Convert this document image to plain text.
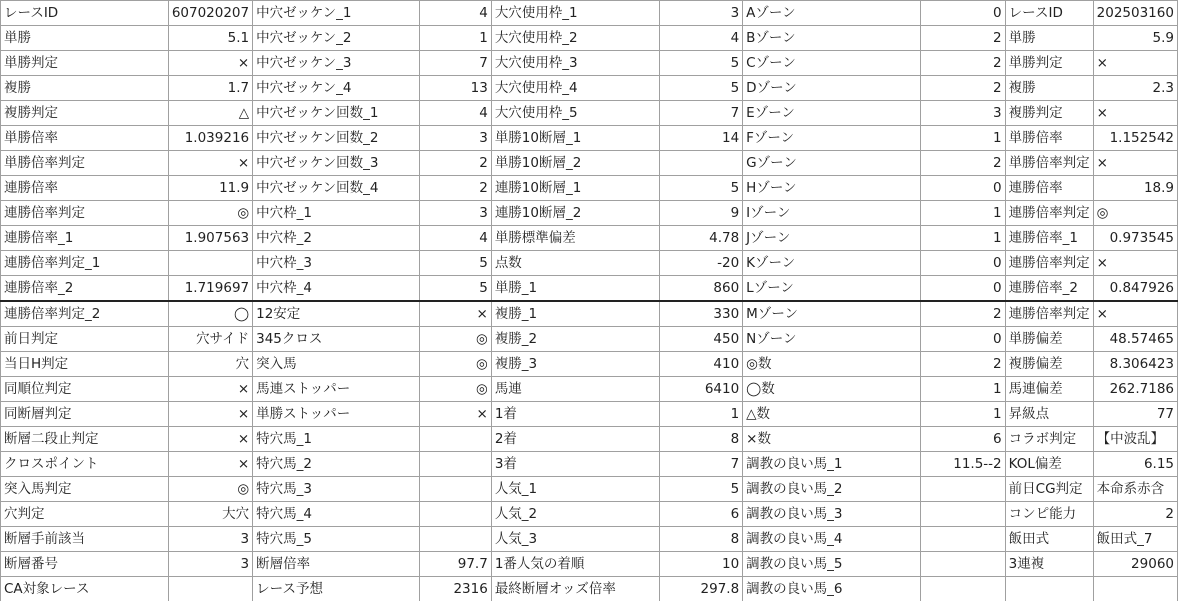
レースID	607020207	中穴ゼッケン_1	4	大穴使用枠_1	3	Aゾーン	0	レースID	202503160
単勝	5.1	中穴ゼッケン_2	1	大穴使用枠_2	4	Bゾーン	2	単勝	5.9
単勝判定	×	中穴ゼッケン_3	7	大穴使用枠_3	5	Cゾーン	2	単勝判定	×
複勝	1.7	中穴ゼッケン_4	13	大穴使用枠_4	5	Dゾーン	2	複勝	2.3
複勝判定	△	中穴ゼッケン回数_1	4	大穴使用枠_5	7	Eゾーン	3	複勝判定	×
単勝倍率	1.039216	中穴ゼッケン回数_2	3	単勝10断層_1	14	Fゾーン	1	単勝倍率	1.152542
単勝倍率判定	×	中穴ゼッケン回数_3	2	単勝10断層_2		Gゾーン	2	単勝倍率判定	×
連勝倍率	11.9	中穴ゼッケン回数_4	2	連勝10断層_1	5	Hゾーン	0	連勝倍率	18.9
連勝倍率判定	◎	中穴枠_1	3	連勝10断層_2	9	Iゾーン	1	連勝倍率判定	◎
連勝倍率_1	1.907563	中穴枠_2	4	単勝標準偏差	4.78	Jゾーン	1	連勝倍率_1	0.973545
連勝倍率判定_1		中穴枠_3	5	点数	-20	Kゾーン	0	連勝倍率判定	×
連勝倍率_2	1.719697	中穴枠_4	5	単勝_1	860	Lゾーン	0	連勝倍率_2	0.847926
連勝倍率判定_2	◯	12安定	×	複勝_1	330	Mゾーン	2	連勝倍率判定	×
前日判定	穴サイド	345クロス	◎	複勝_2	450	Nゾーン	0	単勝偏差	48.57465
当日H判定	穴	突入馬	◎	複勝_3	410	◎数	2	複勝偏差	8.306423
同順位判定	×	馬連ストッパー	◎	馬連	6410	◯数	1	馬連偏差	262.7186
同断層判定	×	単勝ストッパー	×	1着	1	△数	1	昇級点	77
断層二段止判定	×	特穴馬_1		2着	8	×数	6	コラボ判定	【中波乱】
クロスポイント	×	特穴馬_2		3着	7	調教の良い馬_1	11.5--2	KOL偏差	6.15
突入馬判定	◎	特穴馬_3		人気_1	5	調教の良い馬_2		前日CG判定	本命系赤含
穴判定	大穴	特穴馬_4		人気_2	6	調教の良い馬_3		コンピ能力	2
断層手前該当	3	特穴馬_5		人気_3	8	調教の良い馬_4		飯田式	飯田式_7
断層番号	3	断層倍率	97.7	1番人気の着順	10	調教の良い馬_5		3連複	29060
CA対象レース		レース予想	2316	最終断層オッズ倍率	297.8	調教の良い馬_6			
